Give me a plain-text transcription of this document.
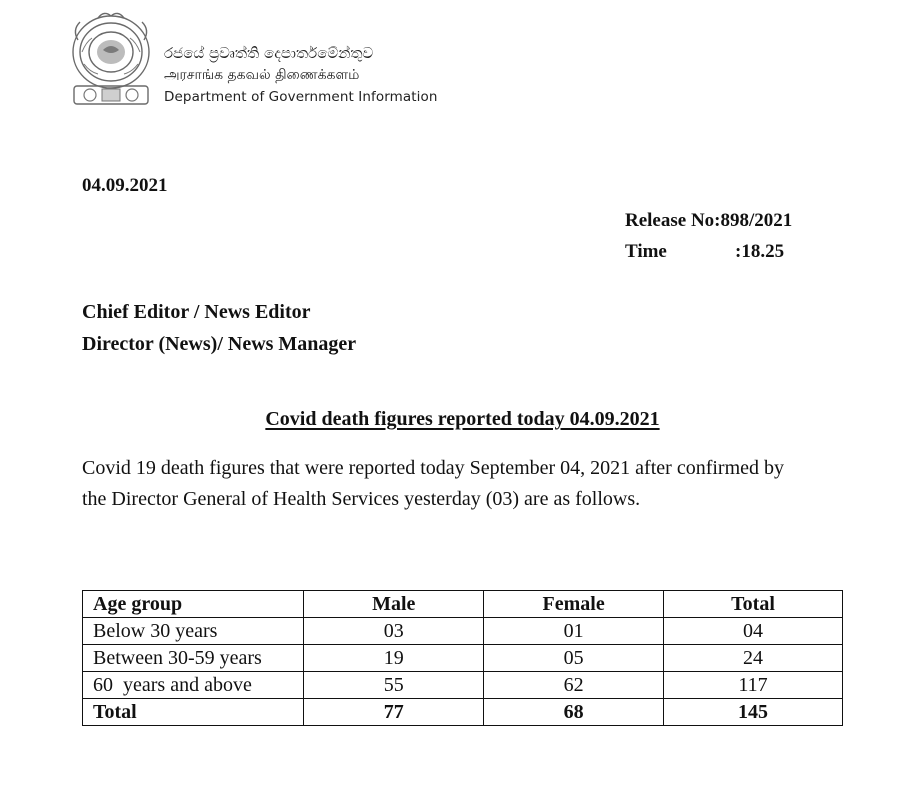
රජයේ ප්‍රවෘත්ති දෙපාර්තමේන්තුව
அரசாங்க தகவல் திணைக்களம்
Department of Government Information
04.09.2021
Release No: 898/2021
Time	:18.25
Chief Editor / News Editor
Director (News)/ News Manager
Covid death figures reported today 04.09.2021
Covid 19 death figures that were reported today September 04, 2021 after confirmed by the Director General of Health Services yesterday (03) are as follows.
Age group	Male	Female	Total
Below 30 years	03	01	04
Between 30-59 years	19	05	24
60  years and above	55	62	117
Total	77	68	145
